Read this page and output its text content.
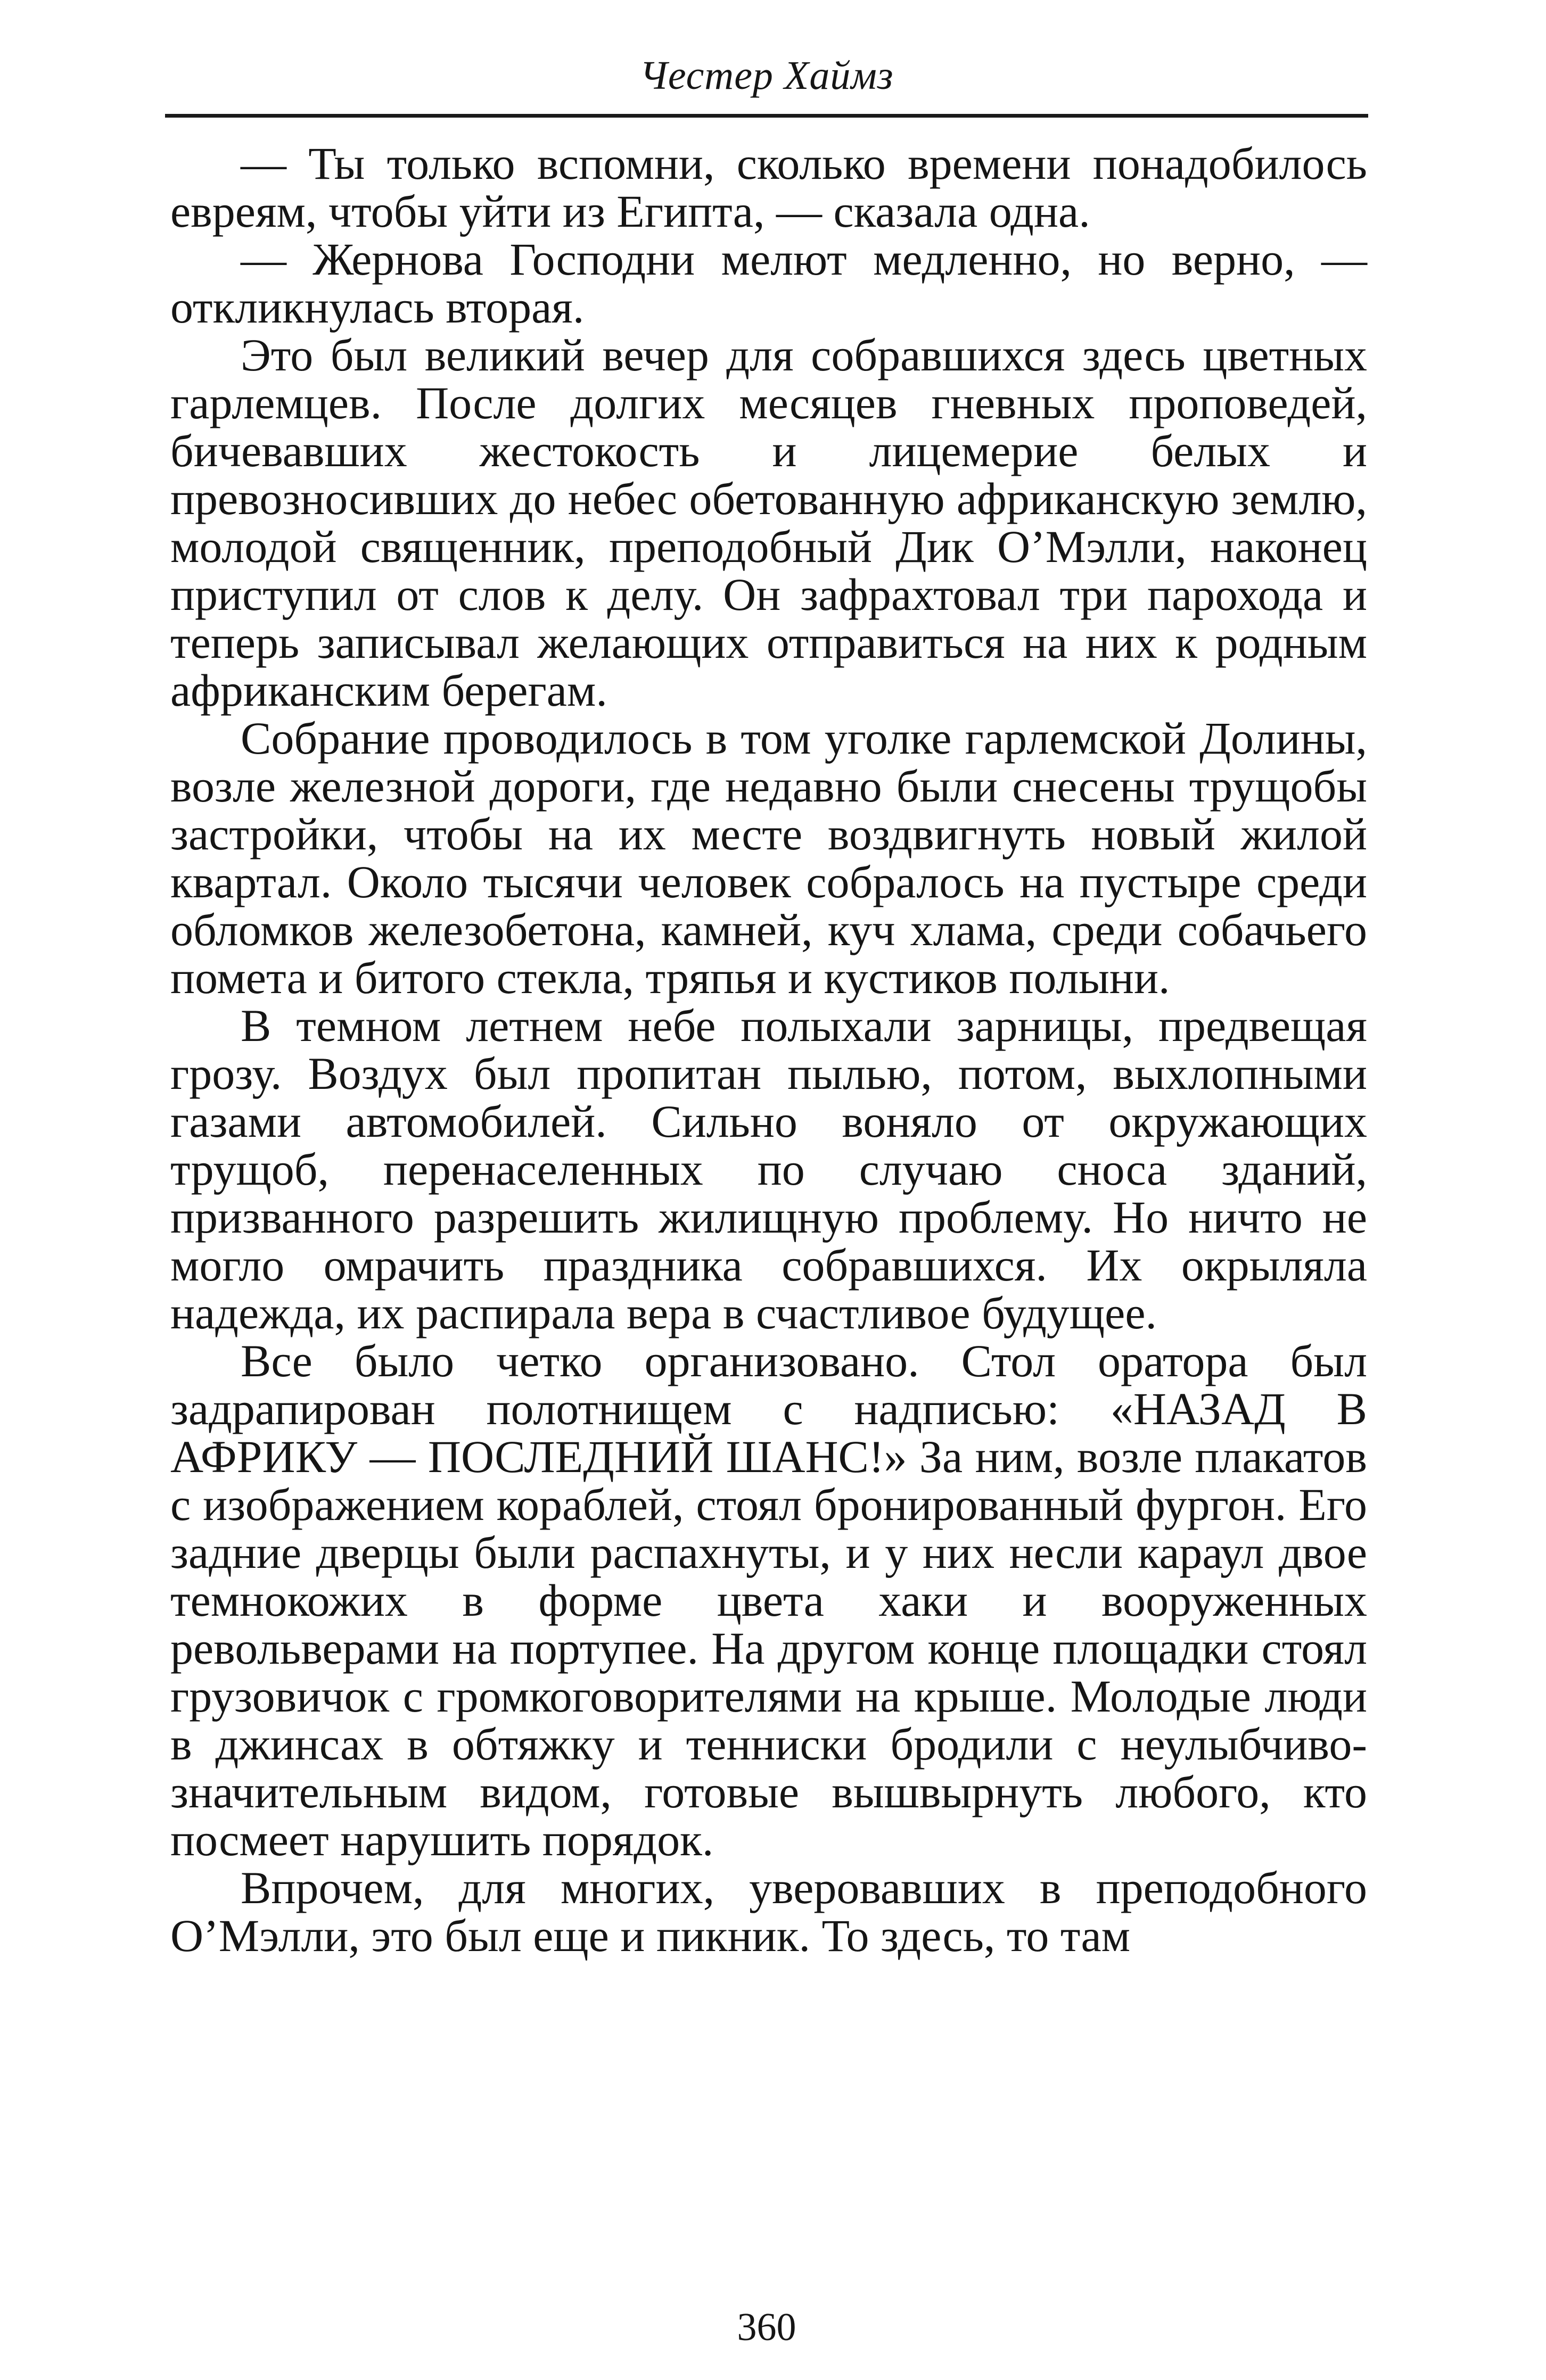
Честер Хаймз

— Ты только вспомни, сколько времени понадобилось евреям, чтобы уйти из Египта, — сказала одна.

— Жернова Господни мелют медленно, но верно, — откликнулась вторая.

Это был великий вечер для собравшихся здесь цветных гарлемцев. После долгих месяцев гневных проповедей, бичевавших жестокость и лицемерие белых и превозносивших до небес обетованную африканскую землю, молодой священник, преподобный Дик О’Мэлли, наконец приступил от слов к делу. Он зафрахтовал три парохода и теперь записывал желающих отправиться на них к родным африканским берегам.

Собрание проводилось в том уголке гарлемской Долины, возле железной дороги, где недавно были снесены трущобы застройки, чтобы на их месте воздвигнуть новый жилой квартал. Около тысячи человек собралось на пустыре среди обломков железобетона, камней, куч хлама, среди собачьего помета и битого стекла, тряпья и кустиков полыни.

В темном летнем небе полыхали зарницы, предвещая грозу. Воздух был пропитан пылью, потом, выхлопными газами автомобилей. Сильно воняло от окружающих трущоб, перенаселенных по случаю сноса зданий, призванного разрешить жилищную проблему. Но ничто не могло омрачить праздника собравшихся. Их окрыляла надежда, их распирала вера в счастливое будущее.

Все было четко организовано. Стол оратора был задрапирован полотнищем с надписью: «НАЗАД В АФРИКУ — ПОСЛЕДНИЙ ШАНС!» За ним, возле плакатов с изображением кораблей, стоял бронированный фургон. Его задние дверцы были распахнуты, и у них несли караул двое темнокожих в форме цвета хаки и вооруженных револьверами на портупее. На другом конце площадки стоял грузовичок с громкоговорителями на крыше. Молодые люди в джинсах в обтяжку и тенниски бродили с неулыбчиво-значительным видом, готовые вышвырнуть любого, кто посмеет нарушить порядок.

Впрочем, для многих, уверовавших в преподобного О’Мэлли, это был еще и пикник. То здесь, то там

360
